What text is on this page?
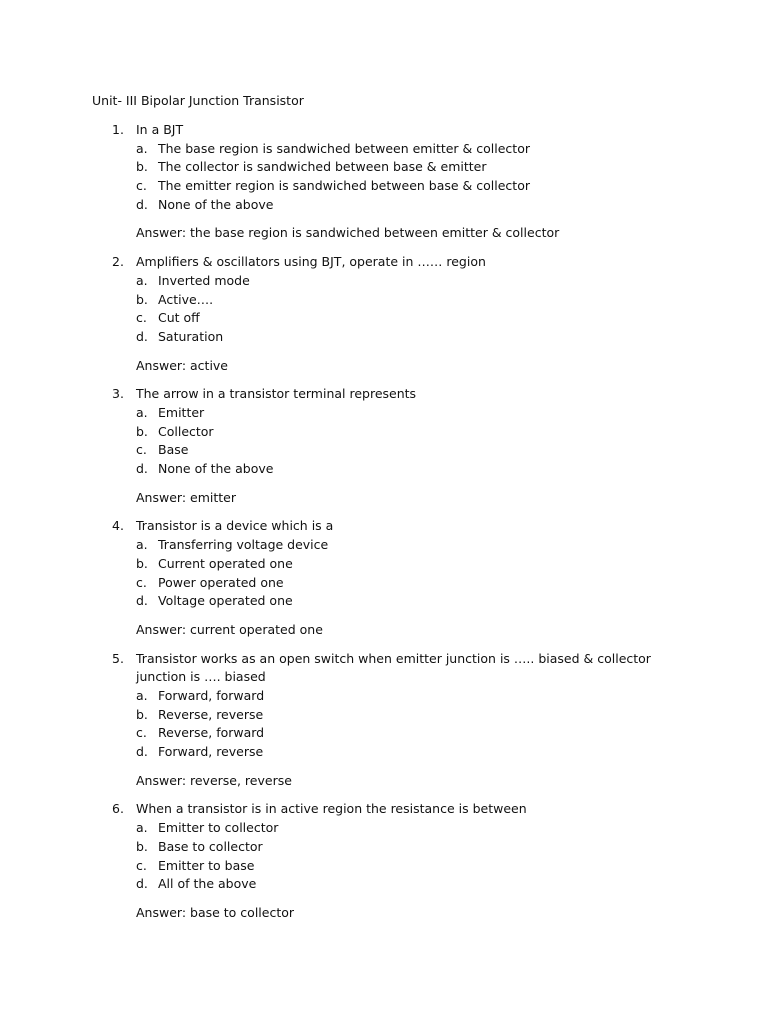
Unit- III Bipolar Junction Transistor
1. In a BJT
a. The base region is sandwiched between emitter & collector
b. The collector is sandwiched between base & emitter
c. The emitter region is sandwiched between base & collector
d. None of the above
Answer: the base region is sandwiched between emitter & collector
2. Amplifiers & oscillators using BJT, operate in …… region
a. Inverted mode
b. Active….
c. Cut off
d. Saturation
Answer: active
3. The arrow in a transistor terminal represents
a. Emitter
b. Collector
c. Base
d. None of the above
Answer: emitter
4. Transistor is a device which is a
a. Transferring voltage device
b. Current operated one
c. Power operated one
d. Voltage operated one
Answer: current operated one
5. Transistor works as an open switch when emitter junction is ….. biased & collector junction is …. biased
a. Forward, forward
b. Reverse, reverse
c. Reverse, forward
d. Forward, reverse
Answer: reverse, reverse
6. When a transistor is in active region the resistance is between
a. Emitter to collector
b. Base to collector
c. Emitter to base
d. All of the above
Answer: base to collector
